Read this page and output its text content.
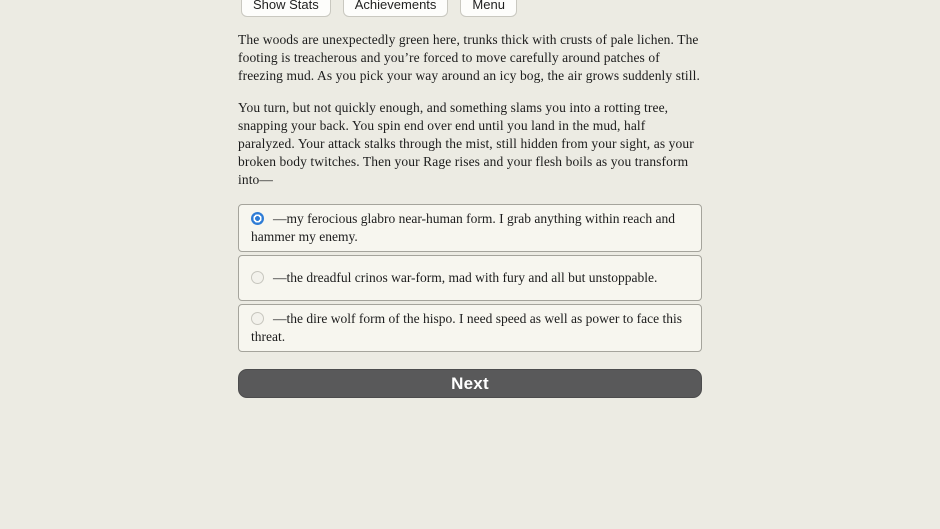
Show Stats	Achievements	Menu

The woods are unexpectedly green here, trunks thick with crusts of pale lichen. The footing is treacherous and you’re forced to move carefully around patches of freezing mud. As you pick your way around an icy bog, the air grows suddenly still.

You turn, but not quickly enough, and something slams you into a rotting tree, snapping your back. You spin end over end until you land in the mud, half paralyzed. Your attack stalks through the mist, still hidden from your sight, as your broken body twitches. Then your Rage rises and your flesh boils as you transform into—

—my ferocious glabro near-human form. I grab anything within reach and hammer my enemy.
—the dreadful crinos war-form, mad with fury and all but unstoppable.
—the dire wolf form of the hispo. I need speed as well as power to face this threat.
Next
